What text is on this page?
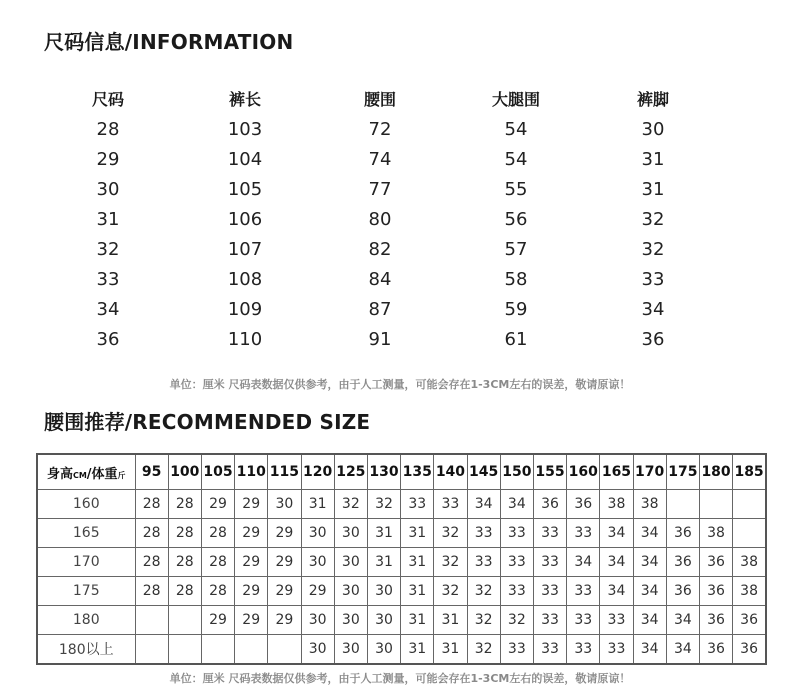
尺码信息/INFORMATION
尺码	裤长	腰围	大腿围	裤脚
28	103	72	54	30
29	104	74	54	31
30	105	77	55	31
31	106	80	56	32
32	107	82	57	32
33	108	84	58	33
34	109	87	59	34
36	110	91	61	36
单位：厘米 尺码表数据仅供参考，由于人工测量，可能会存在1-3CM左右的误差，敬请原谅！
腰围推荐/RECOMMENDED SIZE
身高CM/体重斤	95	100	105	110	115	120	125	130	135	140	145	150	155	160	165	170	175	180	185
160	28	28	29	29	30	31	32	32	33	33	34	34	36	36	38	38			
165	28	28	28	29	29	30	30	31	31	32	33	33	33	33	34	34	36	38	
170	28	28	28	29	29	30	30	31	31	32	33	33	33	34	34	34	36	36	38
175	28	28	28	29	29	29	30	30	31	32	32	33	33	33	34	34	36	36	38
180			29	29	29	30	30	30	31	31	32	32	33	33	33	34	34	36	36
180以上						30	30	30	31	31	32	33	33	33	33	34	34	36	36
单位：厘米 尺码表数据仅供参考，由于人工测量，可能会存在1-3CM左右的误差，敬请原谅！
